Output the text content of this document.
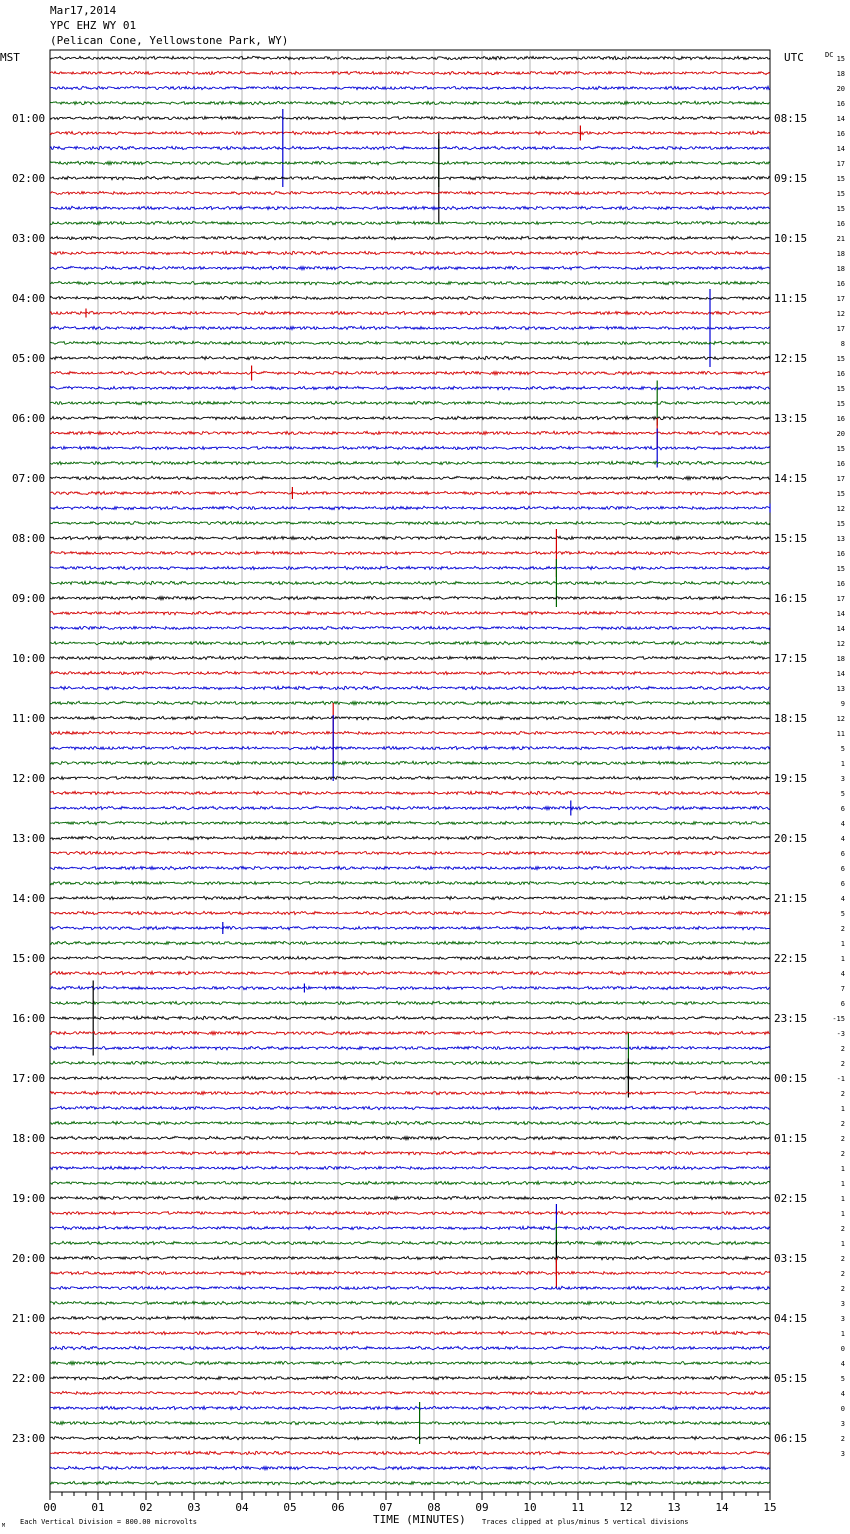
Mar17,2014
YPC EHZ WY 01
(Pelican Cone, Yellowstone Park, WY)
01:00
02:00
03:00
04:00
05:00
06:00
07:00
08:00
09:00
10:00
11:00
12:00
13:00
14:00
15:00
16:00
17:00
18:00
19:00
20:00
21:00
22:00
23:00
08:15
09:15
10:15
11:15
12:15
13:15
14:15
15:15
16:15
17:15
18:15
19:15
20:15
21:15
22:15
23:15
00:15
01:15
02:15
03:15
04:15
05:15
06:15
15
18
20
16
14
16
14
17
15
15
15
16
21
18
18
16
17
12
17
8
15
16
15
15
16
20
15
16
17
15
12
15
13
16
15
16
17
14
14
12
18
14
13
9
12
11
5
1
3
5
6
4
4
6
6
6
4
5
2
1
1
4
7
6
-15
-3
2
2
-1
2
1
2
2
2
1
1
1
1
2
1
2
2
2
3
3
1
0
4
5
4
0
3
2
3
00	01	02	03	04	05	06	07	08	09	10	11	12	13	14	15
MST	UTC	DC
TIME (MINUTES)
Each Vertical Division = 800.00 microvolts	Traces clipped at plus/minus 5 vertical divisions
M
